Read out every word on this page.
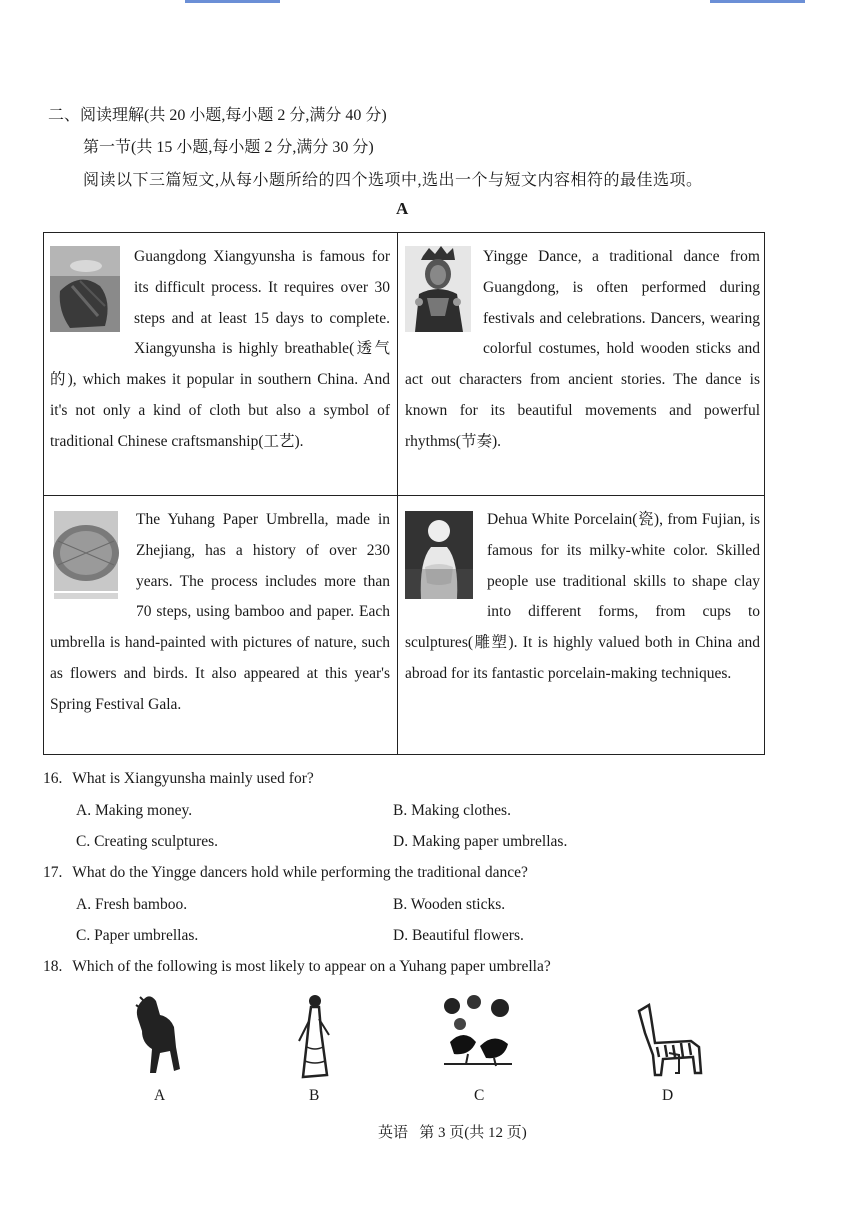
二、阅读理解(共 20 小题,每小题 2 分,满分 40 分)
第一节(共 15 小题,每小题 2 分,满分 30 分)
阅读以下三篇短文,从每小题所给的四个选项中,选出一个与短文内容相符的最佳选项。
A

Guangdong Xiangyunsha is famous for its difficult process. It requires over 30 steps and at least 15 days to complete. Xiangyunsha is highly breathable(透气的), which makes it popular in southern China. And it's not only a kind of cloth but also a symbol of traditional Chinese craftsmanship(工艺).

Yingge Dance, a traditional dance from Guangdong, is often performed during festivals and celebrations. Dancers, wearing colorful costumes, hold wooden sticks and act out characters from ancient stories. The dance is known for its beautiful movements and powerful rhythms(节奏).

The Yuhang Paper Umbrella, made in Zhejiang, has a history of over 230 years. The process includes more than 70 steps, using bamboo and paper. Each umbrella is hand-painted with pictures of nature, such as flowers and birds. It also appeared at this year's Spring Festival Gala.

Dehua White Porcelain(瓷), from Fujian, is famous for its milky-white color. Skilled people use traditional skills to shape clay into different forms, from cups to sculptures(雕塑). It is highly valued both in China and abroad for its fantastic porcelain-making techniques.

16. What is Xiangyunsha mainly used for?
A. Making money.	B. Making clothes.
C. Creating sculptures.	D. Making paper umbrellas.
17. What do the Yingge dancers hold while performing the traditional dance?
A. Fresh bamboo.	B. Wooden sticks.
C. Paper umbrellas.	D. Beautiful flowers.
18. Which of the following is most likely to appear on a Yuhang paper umbrella?
A	B	C	D
英语   第 3 页(共 12 页)
